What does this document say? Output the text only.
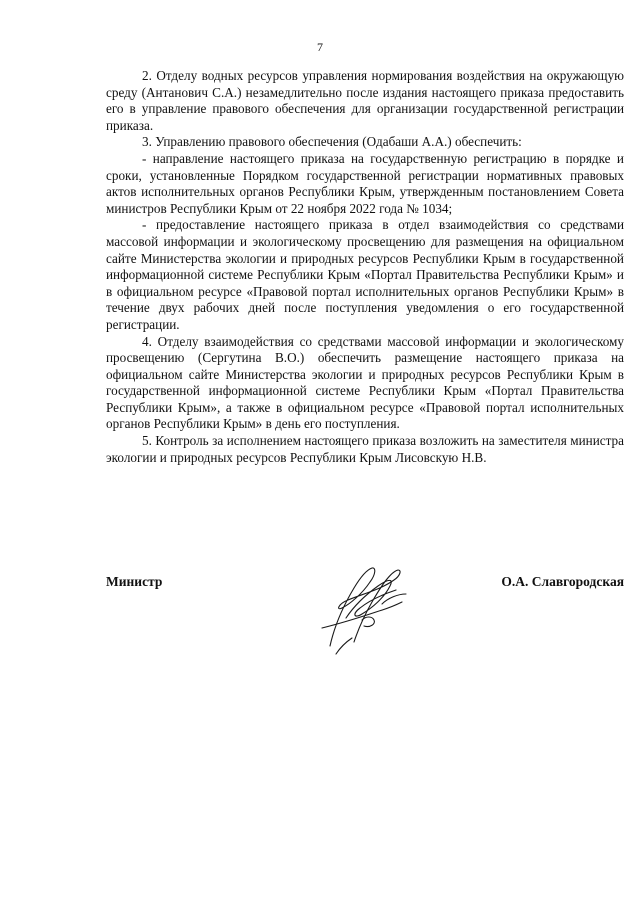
7

2. Отделу водных ресурсов управления нормирования воздействия на окружающую среду (Антанович С.А.) незамедлительно после издания настоящего приказа предоставить его в управление правового обеспечения для организации государственной регистрации приказа.

3. Управлению правового обеспечения (Одабаши А.А.) обеспечить:

- направление настоящего приказа на государственную регистрацию в порядке и сроки, установленные Порядком государственной регистрации нормативных правовых актов исполнительных органов Республики Крым, утвержденным постановлением Совета министров Республики Крым от 22 ноября 2022 года № 1034;

- предоставление настоящего приказа в отдел взаимодействия со средствами массовой информации и экологическому просвещению для размещения на официальном сайте Министерства экологии и природных ресурсов Республики Крым в государственной информационной системе Республики Крым «Портал Правительства Республики Крым» и в официальном ресурсе «Правовой портал исполнительных органов Республики Крым» в течение двух рабочих дней после поступления уведомления о его государственной регистрации.

4. Отделу взаимодействия со средствами массовой информации и экологическому просвещению (Сергутина В.О.) обеспечить размещение настоящего приказа на официальном сайте Министерства экологии и природных ресурсов Республики Крым в государственной информационной системе Республики Крым «Портал Правительства Республики Крым», а также в официальном ресурсе «Правовой портал исполнительных органов Республики Крым» в день его поступления.

5. Контроль за исполнением настоящего приказа возложить на заместителя министра экологии и природных ресурсов Республики Крым Лисовскую Н.В.

Министр	О.А. Славгородская
